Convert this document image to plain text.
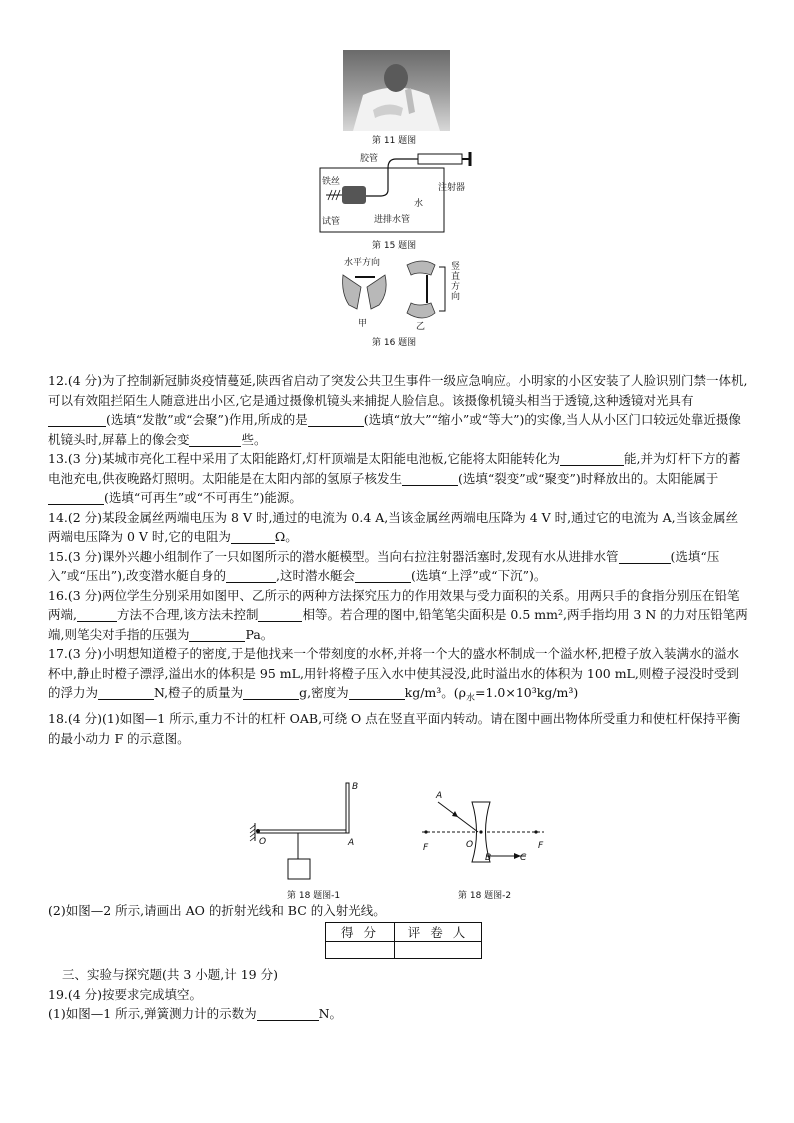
第 11 题图
胶管
铁丝
注射器
水
试管	进排水管
第 15 题图
水平方向	竖直方向
甲	乙
第 16 题图

12.(4 分)为了控制新冠肺炎疫情蔓延,陕西省启动了突发公共卫生事件一级应急响应。小明家的小区安装了人脸识别门禁一体机,可以有效阻拦陌生人随意进出小区,它是通过摄像机镜头来捕捉人脸信息。该摄像机镜头相当于透镜,这种透镜对光具有(选填“发散”或“会聚”)作用,所成的是	(选填“放大”“缩小”或“等大”)的实像,当人从小区门口较远处靠近摄像机镜头时,屏幕上的像会变	些。

13.(3 分)某城市亮化工程中采用了太阳能路灯,灯杆顶端是太阳能电池板,它能将太阳能转化为	能,并为灯杆下方的蓄电池充电,供夜晚路灯照明。太阳能是在太阳内部的氢原子核发生	(选填“裂变”或“聚变”)时释放出的。太阳能属于(选填“可再生”或“不可再生”)能源。

14.(2 分)某段金属丝两端电压为 8 V 时,通过的电流为 0.4 A,当该金属丝两端电压降为 4 V 时,通过它的电流为 A,当该金属丝两端电压降为 0 V 时,它的电阻为	Ω。

15.(3 分)课外兴趣小组制作了一只如图所示的潜水艇模型。当向右拉注射器活塞时,发现有水从进排水管	(选填“压入”或“压出”),改变潜水艇自身的	,这时潜水艇会	(选填“上浮”或“下沉”)。

16.(3 分)两位学生分别采用如图甲、乙所示的两种方法探究压力的作用效果与受力面积的关系。用两只手的食指分别压在铅笔两端,	方法不合理,该方法未控制	相等。若合理的图中,铅笔笔尖面积是 0.5 mm²,两手指均用 3 N 的力对压铅笔两端,则笔尖对手指的压强为	Pa。

17.(3 分)小明想知道橙子的密度,于是他找来一个带刻度的水杯,并将一个大的盛水杯制成一个溢水杯,把橙子放入装满水的溢水杯中,静止时橙子漂浮,溢出水的体积是 95 mL,用针将橙子压入水中使其浸没,此时溢出水的体积为 100 mL,则橙子浸没时受到的浮力为	N,橙子的质量为	g,密度为	kg/m³。$(\rho_水=1.0\times 10^3kg/m^3)$

18.(4 分)(1)如图—1 所示,重力不计的杠杆 OAB,可绕 O 点在竖直平面内转动。请在图中画出物体所受重力和使杠杆保持平衡的最小动力 F 的示意图。

B
O	A
第 18 题图-1
A
F	O
B	C
F
第 18 题图-2
(2)如图—2 所示,请画出 AO 的折射光线和 BC 的入射光线。
得 分	评 卷 人

三、实验与探究题(共 3 小题,计 19 分)
19.(4 分)按要求完成填空。
(1)如图—1 所示,弹簧测力计的示数为	N。
